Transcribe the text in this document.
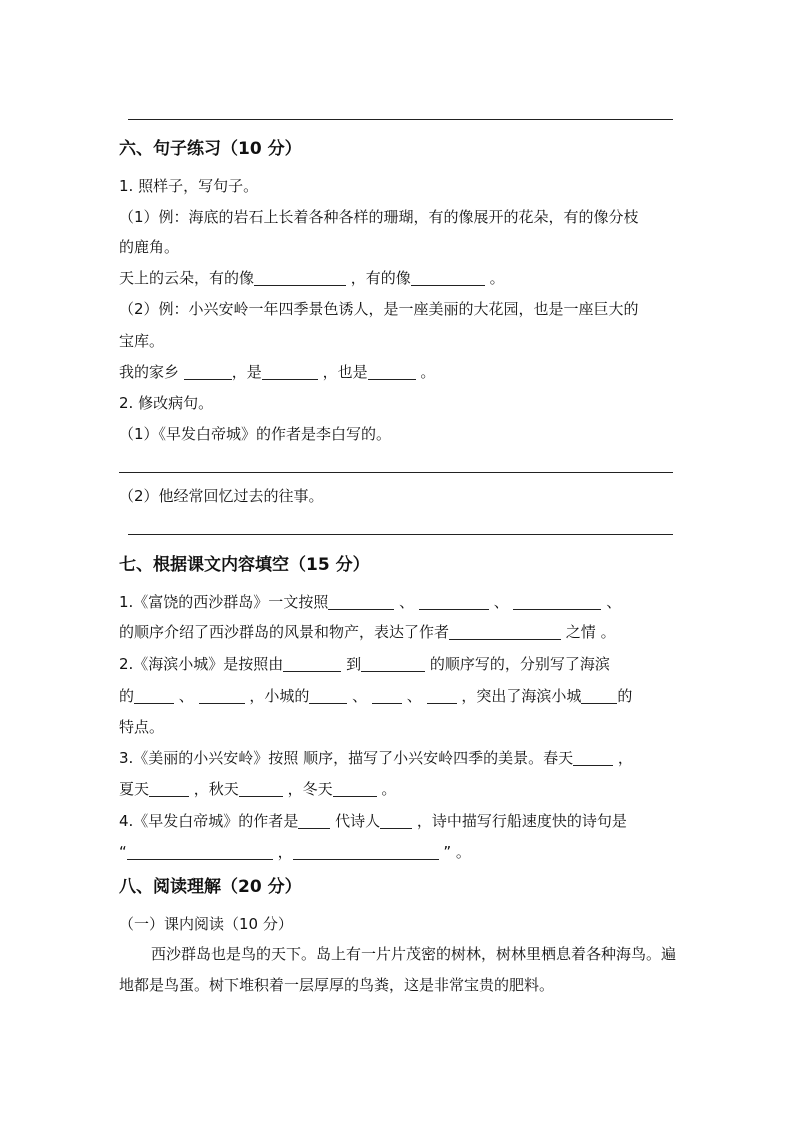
六、句子练习（10 分）
1. 照样子，写句子。
（1）例：海底的岩石上长着各种各样的珊瑚，有的像展开的花朵，有的像分枝
的鹿角。
天上的云朵，有的像	，有的像	。
（2）例：小兴安岭一年四季景色诱人，是一座美丽的大花园，也是一座巨大的
宝库。
我的家乡	，是	，也是	。
2. 修改病句。
（1）《早发白帝城》的作者是李白写的。
（2）他经常回忆过去的往事。
七、根据课文内容填空（15 分）
1.《富饶的西沙群岛》一文按照	、	、	、
的顺序介绍了西沙群岛的风景和物产，表达了作者	之情 。
2.《海滨小城》是按照由	到	的顺序写的，分别写了海滨
的	、	，小城的	、	、	，突出了海滨小城 的
特点。
3.《美丽的小兴安岭》按照 顺序，描写了小兴安岭四季的美景。春天	，
夏天	，秋天	，冬天	。
4.《早发白帝城》的作者是 代诗人 ，诗中描写行船速度快的诗句是
“	，	” 。
八、阅读理解（20 分）
（一）课内阅读（10 分）
西沙群岛也是鸟的天下。岛上有一片片茂密的树林，树林里栖息着各种海鸟。遍地都是鸟蛋。树下堆积着一层厚厚的鸟粪，这是非常宝贵的肥料。
